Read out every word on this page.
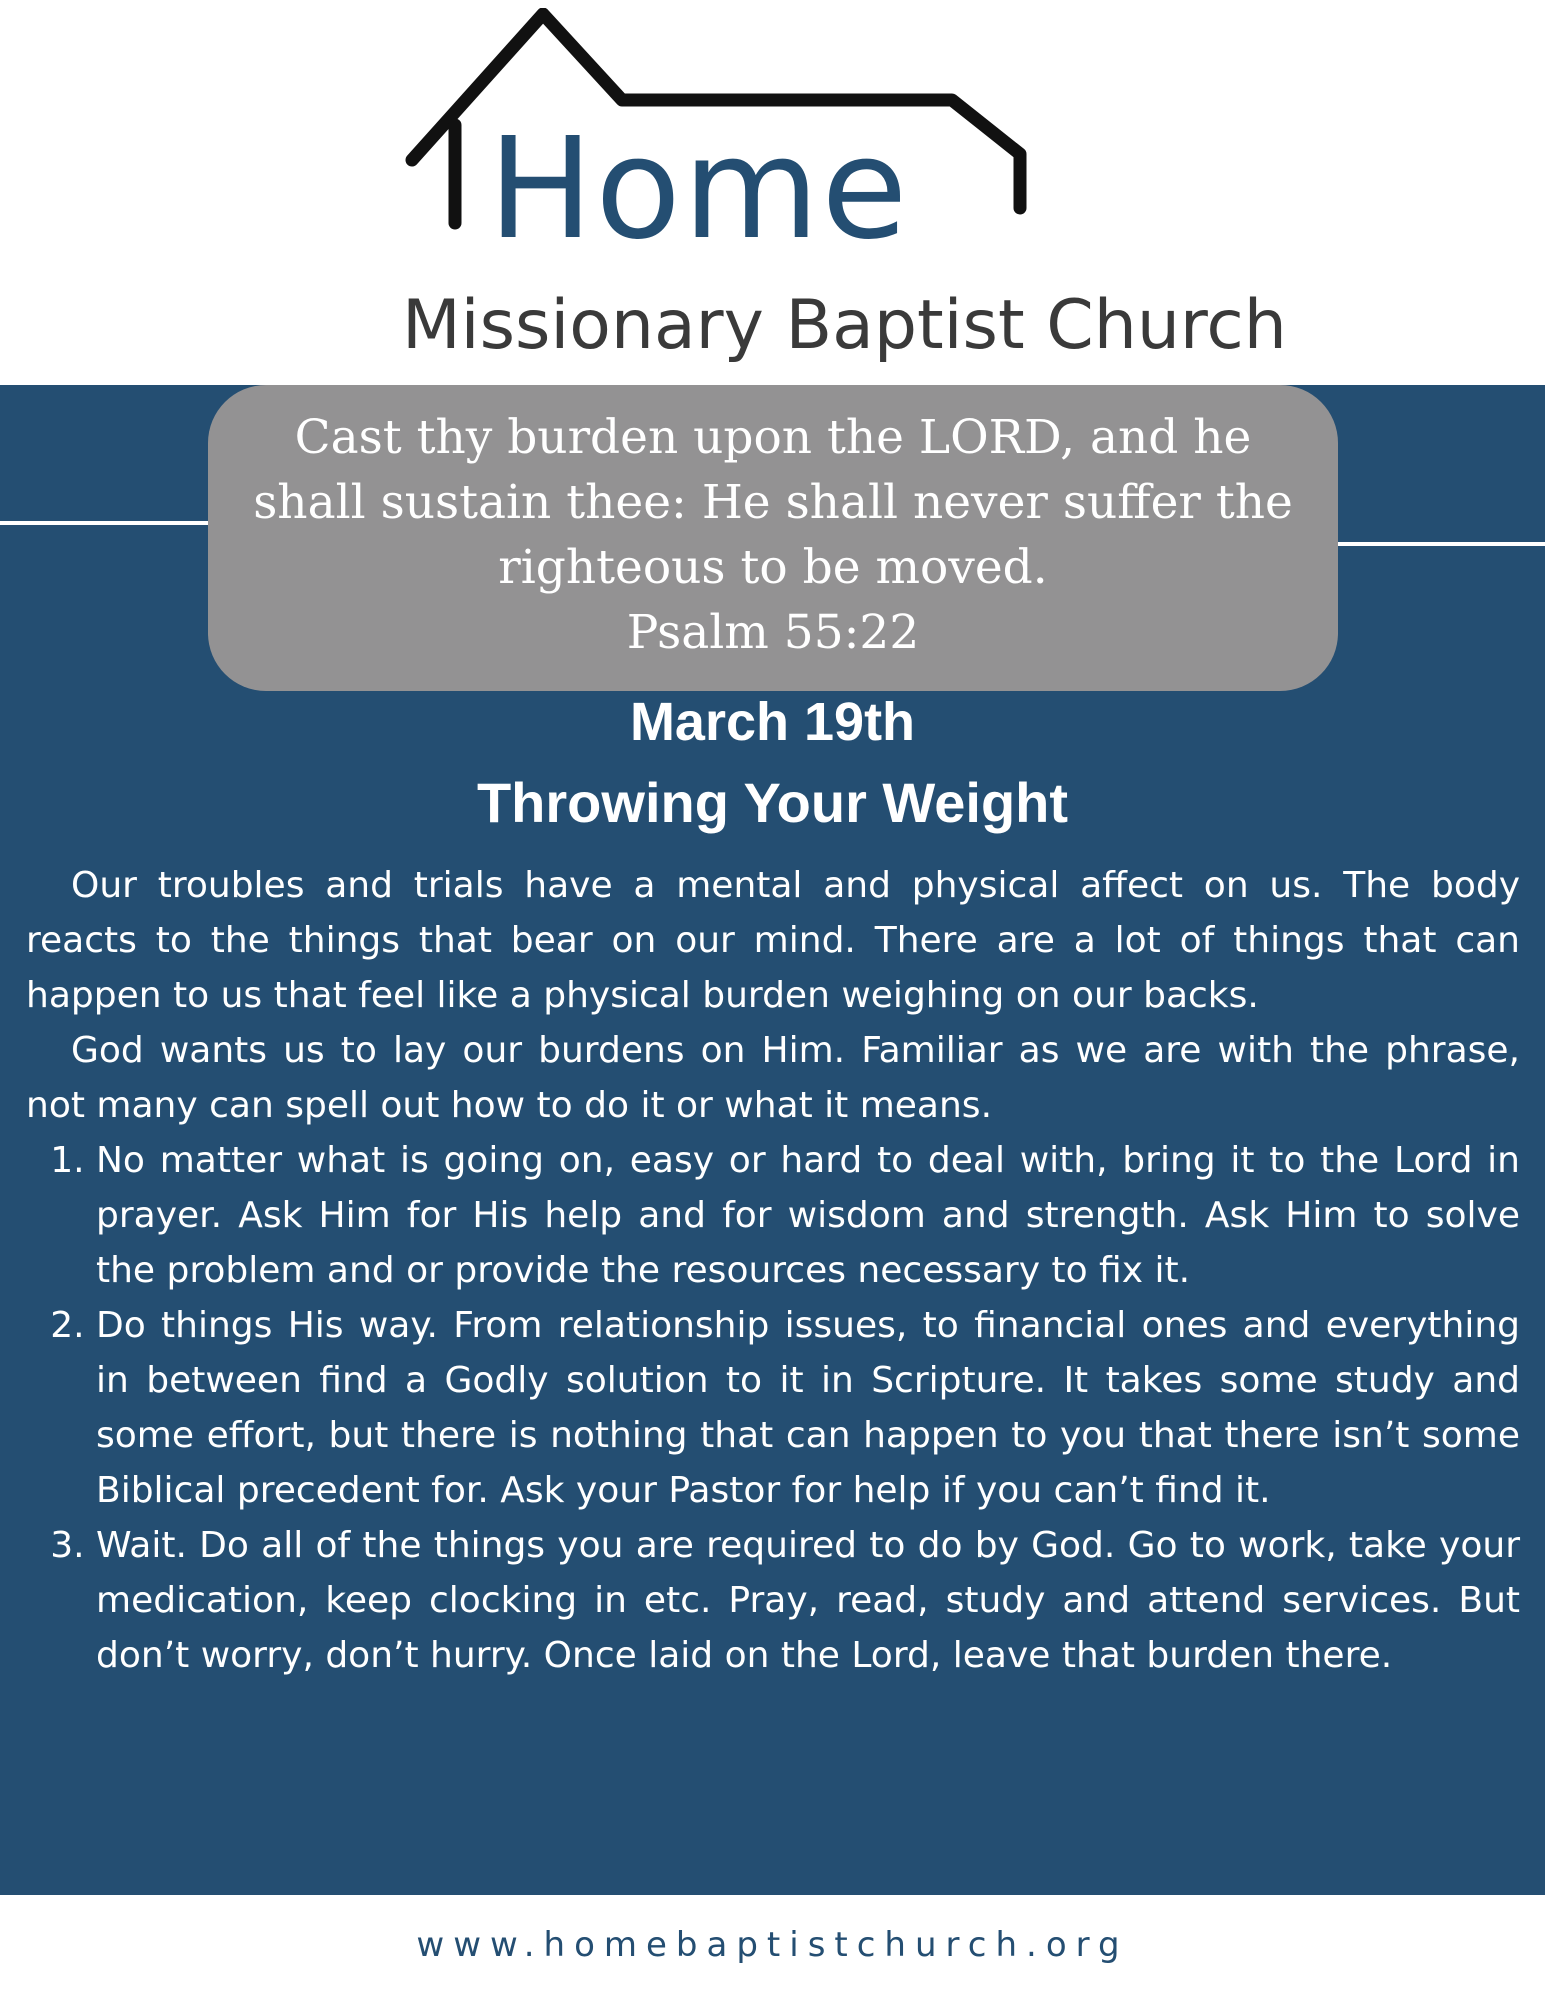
Home

Missionary Baptist Church

Cast thy burden upon the LORD, and he shall sustain thee: He shall never suffer the righteous to be moved.

Psalm 55:22

March 19th
Throwing Your Weight

Our troubles and trials have a mental and physical affect on us. The body reacts to the things that bear on our mind. There are a lot of things that can happen to us that feel like a physical burden weighing on our backs.

God wants us to lay our burdens on Him. Familiar as we are with the phrase, not many can spell out how to do it or what it means.

1. No matter what is going on, easy or hard to deal with, bring it to the Lord in prayer. Ask Him for His help and for wisdom and strength. Ask Him to solve the problem and or provide the resources necessary to fix it.
2. Do things His way. From relationship issues, to financial ones and everything in between find a Godly solution to it in Scripture. It takes some study and some effort, but there is nothing that can happen to you that there isn’t some Biblical precedent for. Ask your Pastor for help if you can’t find it.
3. Wait. Do all of the things you are required to do by God. Go to work, take your medication, keep clocking in etc. Pray, read, study and attend services. But don’t worry, don’t hurry. Once laid on the Lord, leave that burden there.

www.homebaptistchurch.org
